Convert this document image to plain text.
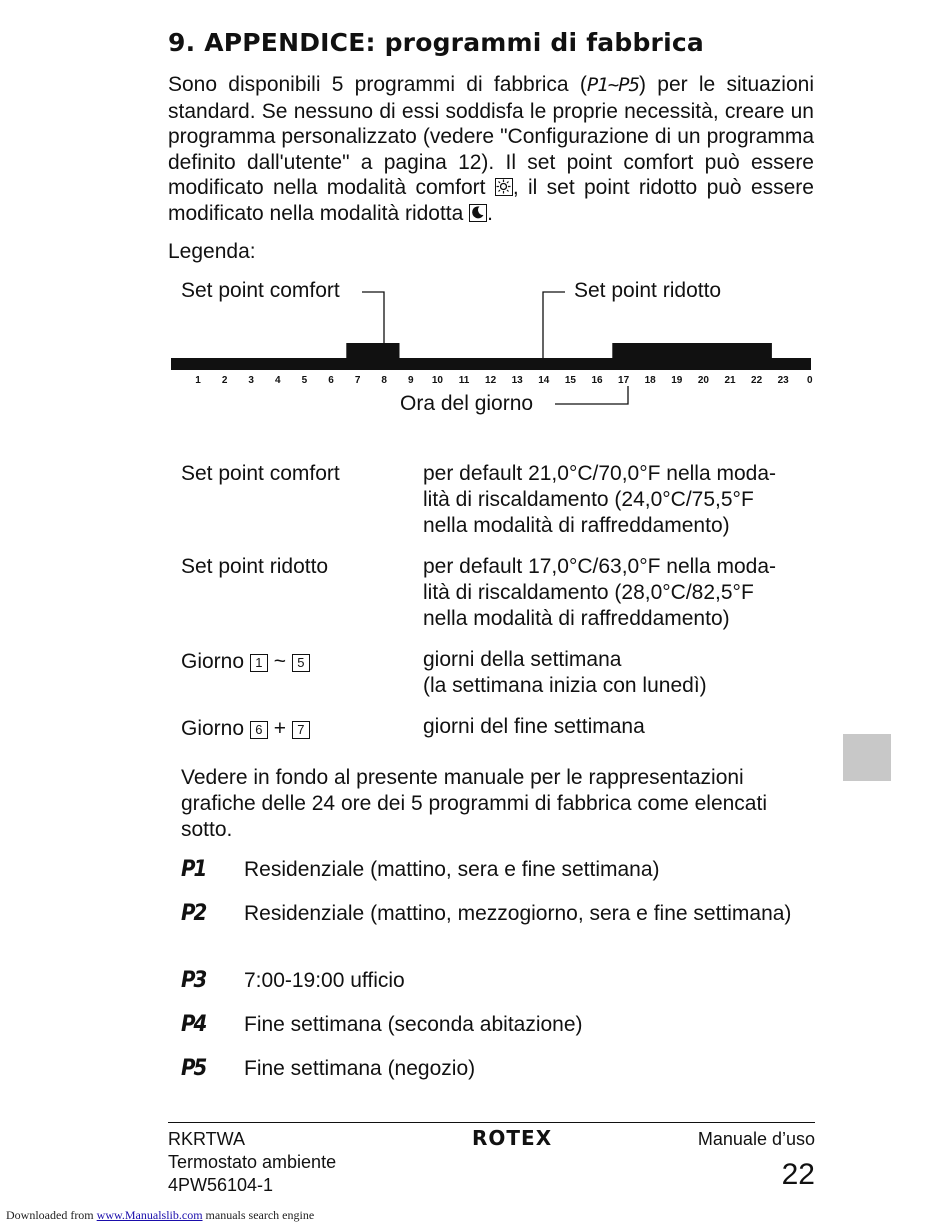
9. APPENDICE: programmi di fabbrica

Sono disponibili 5 programmi di fabbrica (P1~P5) per le situazioni standard. Se nessuno di essi soddisfa le proprie necessità, creare un programma personalizzato (vedere "Configurazione di un programma definito dall'utente" a pagina 12). Il set point comfort può essere modificato nella modalità comfort
, il set point ridotto può essere modificato nella modalità ridotta
.

Legenda:
Set point comfort	Set point ridotto
1 2 3 4 5 6 7 8 9 10 11 12 13 14 15 16 17 18 19 20 21 22 23 0
Ora del giorno
Set point comfort	per default 21,0°C/70,0°F nella moda-
lità di riscaldamento (24,0°C/75,5°F
nella modalità di raffreddamento)
Set point ridotto	per default 17,0°C/63,0°F nella moda-
lità di riscaldamento (28,0°C/82,5°F
nella modalità di raffreddamento)
Giorno 1 ~ 5	giorni della settimana
(la settimana inizia con lunedì)
Giorno 6 + 7	giorni del fine settimana
Vedere in fondo al presente manuale per le rappresentazioni grafiche delle 24 ore dei 5 programmi di fabbrica come elencati sotto.
P1 Residenziale (mattino, sera e fine settimana)
P2 Residenziale (mattino, mezzogiorno, sera e fine settimana)
P3 7:00-19:00 ufficio
P4 Fine settimana (seconda abitazione)
P5 Fine settimana (negozio)
RKRTWA
Termostato ambiente
4PW56104-1
ROTEX	Manuale d’uso
22
Downloaded from www.Manualslib.com manuals search engine
